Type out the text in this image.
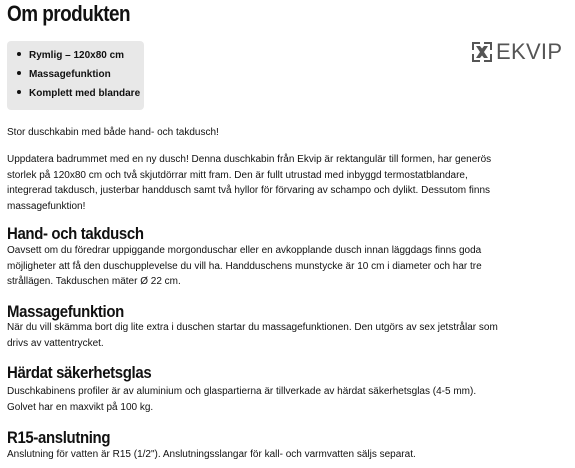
Om produkten
Rymlig – 120x80 cm
Massagefunktion
Komplett med blandare
EKVIP

Stor duschkabin med både hand- och takdusch!

Uppdatera badrummet med en ny dusch! Denna duschkabin från Ekvip är rektangulär till formen, har generös

storlek på 120x80 cm och två skjutdörrar mitt fram. Den är fullt utrustad med inbyggd termostatblandare,

integrerad takdusch, justerbar handdusch samt två hyllor för förvaring av schampo och dylikt. Dessutom finns

massagefunktion!

Hand- och takdusch

Oavsett om du föredrar uppiggande morgonduschar eller en avkopplande dusch innan läggdags finns goda

möjligheter att få den duschupplevelse du vill ha. Handduschens munstycke är 10 cm i diameter och har tre

strållägen. Takduschen mäter Ø 22 cm.

Massagefunktion

När du vill skämma bort dig lite extra i duschen startar du massagefunktionen. Den utgörs av sex jetstrålar som

drivs av vattentrycket.

Härdat säkerhetsglas

Duschkabinens profiler är av aluminium och glaspartierna är tillverkade av härdat säkerhetsglas (4-5 mm).

Golvet har en maxvikt på 100 kg.

R15-anslutning

Anslutning för vatten är R15 (1/2"). Anslutningsslangar för kall- och varmvatten säljs separat.
